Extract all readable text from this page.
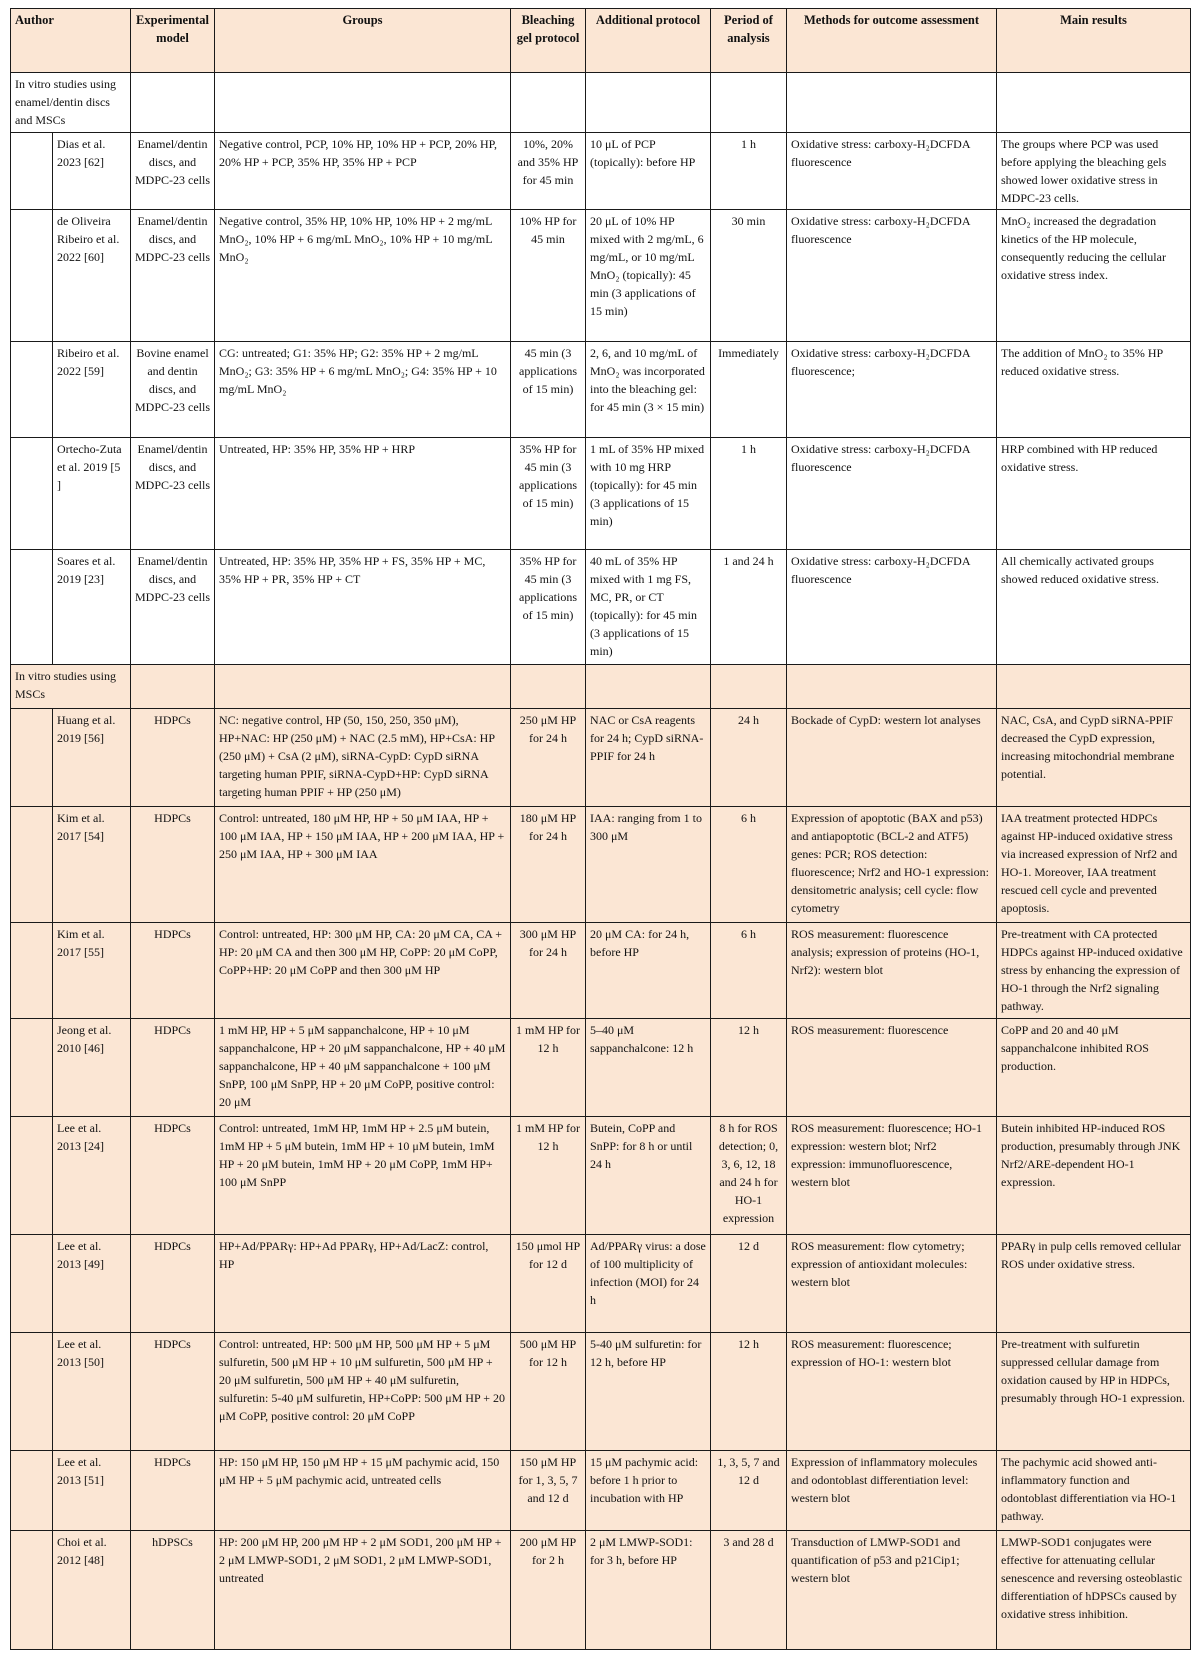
Author		Experimental model	Groups	Bleaching gel protocol	Additional protocol	Period of analysis	Methods for outcome assessment	Main results
In vitro studies using enamel/dentin discs and MSCs								
	Dias et al. 2023 [62]	Enamel/dentin discs, and MDPC-23 cells	Negative control, PCP, 10% HP, 10% HP + PCP, 20% HP, 20% HP + PCP, 35% HP, 35% HP + PCP	10%, 20% and 35% HP for 45 min	10 μL of PCP (topically): before HP	1 h	Oxidative stress: carboxy-H₂DCFDA fluorescence	The groups where PCP was used before applying the bleaching gels showed lower oxidative stress in MDPC-23 cells.
	de Oliveira Ribeiro et al. 2022 [60]	Enamel/dentin discs, and MDPC-23 cells	Negative control, 35% HP, 10% HP, 10% HP + 2 mg/mL MnO₂, 10% HP + 6 mg/mL MnO₂, 10% HP + 10 mg/mL MnO₂	10% HP for 45 min	20 μL of 10% HP mixed with 2 mg/mL, 6 mg/mL, or 10 mg/mL MnO₂ (topically): 45 min (3 applications of 15 min)	30 min	Oxidative stress: carboxy-H₂DCFDA fluorescence	MnO₂ increased the degradation kinetics of the HP molecule, consequently reducing the cellular oxidative stress index.
	Ribeiro et al. 2022 [59]	Bovine enamel and dentin discs, and MDPC-23 cells	CG: untreated; G1: 35% HP; G2: 35% HP + 2 mg/mL MnO₂; G3: 35% HP + 6 mg/mL MnO₂; G4: 35% HP + 10 mg/mL MnO₂	45 min (3 applications of 15 min)	2, 6, and 10 mg/mL of MnO₂ was incorporated into the bleaching gel: for 45 min (3 × 15 min)	Immediately	Oxidative stress: carboxy-H₂DCFDA fluorescence;	The addition of MnO₂ to 35% HP reduced oxidative stress.
	Ortecho-Zuta et al. 2019 [5 ]	Enamel/dentin discs, and MDPC-23 cells	Untreated, HP: 35% HP, 35% HP + HRP	35% HP for 45 min (3 applications of 15 min)	1 mL of 35% HP mixed with 10 mg HRP (topically): for 45 min (3 applications of 15 min)	1 h	Oxidative stress: carboxy-H₂DCFDA fluorescence	HRP combined with HP reduced oxidative stress.
	Soares et al. 2019 [23]	Enamel/dentin discs, and MDPC-23 cells	Untreated, HP: 35% HP, 35% HP + FS, 35% HP + MC, 35% HP + PR, 35% HP + CT	35% HP for 45 min (3 applications of 15 min)	40 mL of 35% HP mixed with 1 mg FS, MC, PR, or CT (topically): for 45 min (3 applications of 15 min)	1 and 24 h	Oxidative stress: carboxy-H₂DCFDA fluorescence	All chemically activated groups showed reduced oxidative stress.
In vitro studies using MSCs								
	Huang et al. 2019 [56]	HDPCs	NC: negative control, HP (50, 150, 250, 350 μM), HP+NAC: HP (250 μM) + NAC (2.5 mM), HP+CsA: HP (250 μM) + CsA (2 μM), siRNA-CypD: CypD siRNA targeting human PPIF, siRNA-CypD+HP: CypD siRNA targeting human PPIF + HP (250 μM)	250 μM HP for 24 h	NAC or CsA reagents for 24 h; CypD siRNA-PPIF for 24 h	24 h	Bockade of CypD: western lot analyses	NAC, CsA, and CypD siRNA-PPIF decreased the CypD expression, increasing mitochondrial membrane potential.
	Kim et al. 2017 [54]	HDPCs	Control: untreated, 180 μM HP, HP + 50 μM IAA, HP + 100 μM IAA, HP + 150 μM IAA, HP + 200 μM IAA, HP + 250 μM IAA, HP + 300 μM IAA	180 μM HP for 24 h	IAA: ranging from 1 to 300 μM	6 h	Expression of apoptotic (BAX and p53) and antiapoptotic (BCL-2 and ATF5) genes: PCR; ROS detection: fluorescence; Nrf2 and HO-1 expression: densitometric analysis; cell cycle: flow cytometry	IAA treatment protected HDPCs against HP-induced oxidative stress via increased expression of Nrf2 and HO-1. Moreover, IAA treatment rescued cell cycle and prevented apoptosis.
	Kim et al. 2017 [55]	HDPCs	Control: untreated, HP: 300 μM HP, CA: 20 μM CA, CA + HP: 20 μM CA and then 300 μM HP, CoPP: 20 μM CoPP, CoPP+HP: 20 μM CoPP and then 300 μM HP	300 μM HP for 24 h	20 μM CA: for 24 h, before HP	6 h	ROS measurement: fluorescence analysis; expression of proteins (HO-1, Nrf2): western blot	Pre-treatment with CA protected HDPCs against HP-induced oxidative stress by enhancing the expression of HO-1 through the Nrf2 signaling pathway.
	Jeong et al. 2010 [46]	HDPCs	1 mM HP, HP + 5 μM sappanchalcone, HP + 10 μM sappanchalcone, HP + 20 μM sappanchalcone, HP + 40 μM sappanchalcone, HP + 40 μM sappanchalcone + 100 μM SnPP, 100 μM SnPP, HP + 20 μM CoPP, positive control: 20 μM	1 mM HP for 12 h	5–40 μM sappanchalcone: 12 h	12 h	ROS measurement: fluorescence	CoPP and 20 and 40 μM sappanchalcone inhibited ROS production.
	Lee et al. 2013 [24]	HDPCs	Control: untreated, 1mM HP, 1mM HP + 2.5 μM butein, 1mM HP + 5 μM butein, 1mM HP + 10 μM butein, 1mM HP + 20 μM butein, 1mM HP + 20 μM CoPP, 1mM HP+ 100 μM SnPP	1 mM HP for 12 h	Butein, CoPP and SnPP: for 8 h or until 24 h	8 h for ROS detection; 0, 3, 6, 12, 18 and 24 h for HO-1 expression	ROS measurement: fluorescence; HO-1 expression: western blot; Nrf2 expression: immunofluorescence, western blot	Butein inhibited HP-induced ROS production, presumably through JNK Nrf2/ARE-dependent HO-1 expression.
	Lee et al. 2013 [49]	HDPCs	HP+Ad/PPARγ: HP+Ad PPARγ, HP+Ad/LacZ: control, HP	150 μmol HP for 12 d	Ad/PPARγ virus: a dose of 100 multiplicity of infection (MOI) for 24 h	12 d	ROS measurement: flow cytometry; expression of antioxidant molecules: western blot	PPARγ in pulp cells removed cellular ROS under oxidative stress.
	Lee et al. 2013 [50]	HDPCs	Control: untreated, HP: 500 μM HP, 500 μM HP + 5 μM sulfuretin, 500 μM HP + 10 μM sulfuretin, 500 μM HP + 20 μM sulfuretin, 500 μM HP + 40 μM sulfuretin, sulfuretin: 5-40 μM sulfuretin, HP+CoPP: 500 μM HP + 20 μM CoPP, positive control: 20 μM CoPP	500 μM HP for 12 h	5-40 μM sulfuretin: for 12 h, before HP	12 h	ROS measurement: fluorescence; expression of HO-1: western blot	Pre-treatment with sulfuretin suppressed cellular damage from oxidation caused by HP in HDPCs, presumably through HO-1 expression.
	Lee et al. 2013 [51]	HDPCs	HP: 150 μM HP, 150 μM HP + 15 μM pachymic acid, 150 μM HP + 5 μM pachymic acid, untreated cells	150 μM HP for 1, 3, 5, 7 and 12 d	15 μM pachymic acid: before 1 h prior to incubation with HP	1, 3, 5, 7 and 12 d	Expression of inflammatory molecules and odontoblast differentiation level: western blot	The pachymic acid showed anti-inflammatory function and odontoblast differentiation via HO-1 pathway.
	Choi et al. 2012 [48]	hDPSCs	HP: 200 μM HP, 200 μM HP + 2 μM SOD1, 200 μM HP + 2 μM LMWP-SOD1, 2 μM SOD1, 2 μM LMWP-SOD1, untreated	200 μM HP for 2 h	2 μM LMWP-SOD1: for 3 h, before HP	3 and 28 d	Transduction of LMWP-SOD1 and quantification of p53 and p21Cip1; western blot	LMWP-SOD1 conjugates were effective for attenuating cellular senescence and reversing osteoblastic differentiation of hDPSCs caused by oxidative stress inhibition.
